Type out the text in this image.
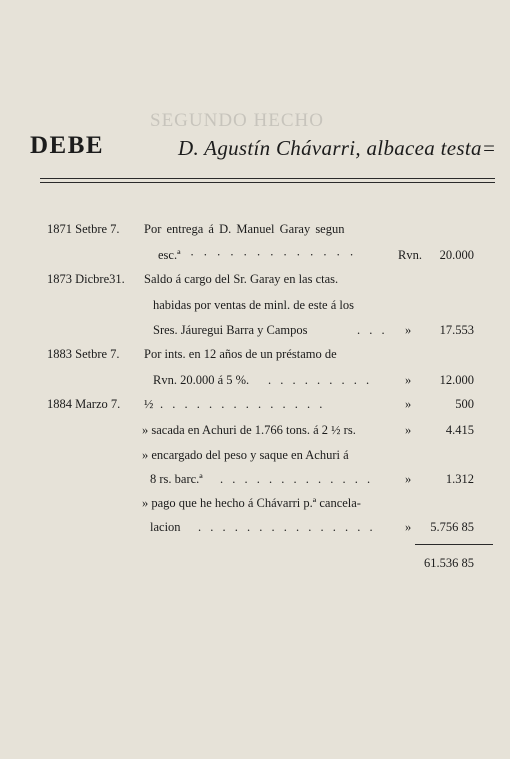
SEGUNDO HECHO
DEBE	D. Agustín Chávarri, albacea testa=
1871 Setbre 7. Por entrega á D. Manuel Garay segun
esc.ª · · · · · · · · · · · · ·	Rvn. 20.000
1873 Dicbre31. Saldo á cargo del Sr. Garay en las ctas.
habidas por ventas de minl. de este á los
Sres. Jáuregui Barra y Campos	. . . » 17.553
1883 Setbre 7. Por ints. en 12 años de un préstamo de
Rvn. 20.000 á 5 %. . . . . . . . . .	» 12.000
1884 Marzo 7. ½ . . . . . . . . . . . . . .	»	500
» sacada en Achuri de 1.766 tons. á 2 ½ rs.	»	4.415
» encargado del peso y saque en Achuri á
8 rs. barc.ª . . . . . . . . . . . . .	»	1.312
» pago que he hecho á Chávarri p.ª cancela-
lacion . . . . . . . . . . . . . . . » 5.756 85
61.536 85
